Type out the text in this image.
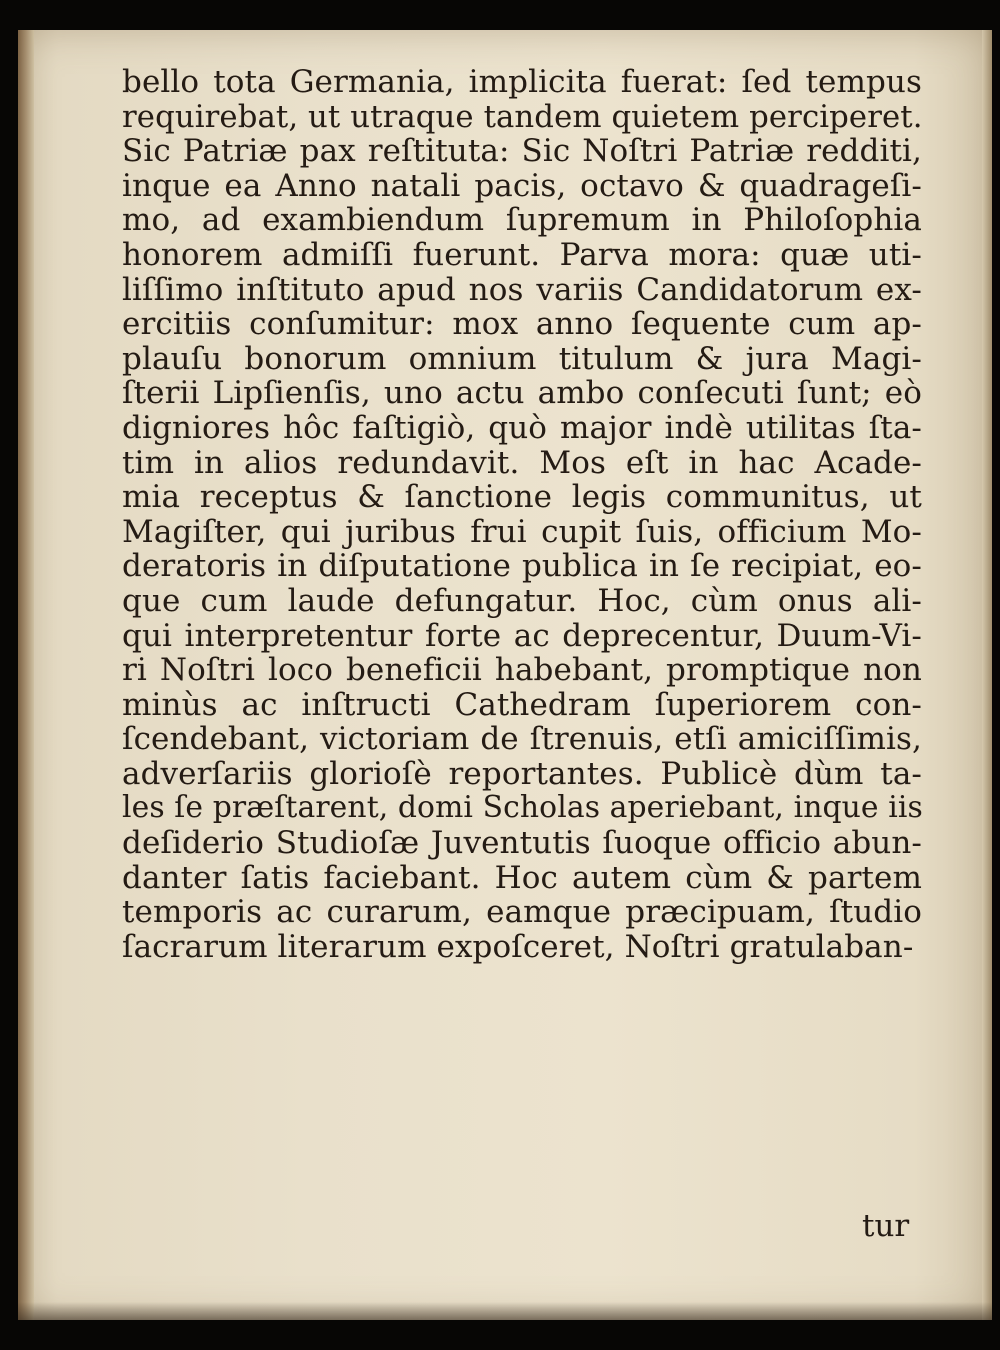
bello tota Germania, implicita fuerat: ſed tempus
requirebat, ut utraque tandem quietem perciperet.
Sic Patriæ pax reſtituta: Sic Noſtri Patriæ redditi,
inque ea Anno natali pacis, octavo & quadrageſi-
mo, ad exambiendum ſupremum in Philoſophia
honorem admiſſi fuerunt. Parva mora: quæ uti-
liſſimo inſtituto apud nos variis Candidatorum ex-
ercitiis conſumitur: mox anno ſequente cum ap-
plauſu bonorum omnium titulum & jura Magi-
ſterii Lipſienſis, uno actu ambo conſecuti ſunt; eò
digniores hôc faſtigiò, quò major indè utilitas ſta-
tim in alios redundavit. Mos eſt in hac Acade-
mia receptus & ſanctione legis communitus, ut
Magiſter, qui juribus frui cupit ſuis, officium Mo-
deratoris in diſputatione publica in ſe recipiat, eo-
que cum laude defungatur. Hoc, cùm onus ali-
qui interpretentur forte ac deprecentur, Duum-Vi-
ri Noſtri loco beneficii habebant, promptique non
minùs ac inſtructi Cathedram ſuperiorem con-
ſcendebant, victoriam de ſtrenuis, etſi amiciſſimis,
adverſariis glorioſè reportantes. Publicè dùm ta-
les ſe præſtarent, domi Scholas aperiebant, inque iis
deſiderio Studioſæ Juventutis ſuoque officio abun-
danter ſatis faciebant. Hoc autem cùm & partem
temporis ac curarum, eamque præcipuam, ſtudio
ſacrarum literarum expoſceret, Noſtri gratulaban-
tur
